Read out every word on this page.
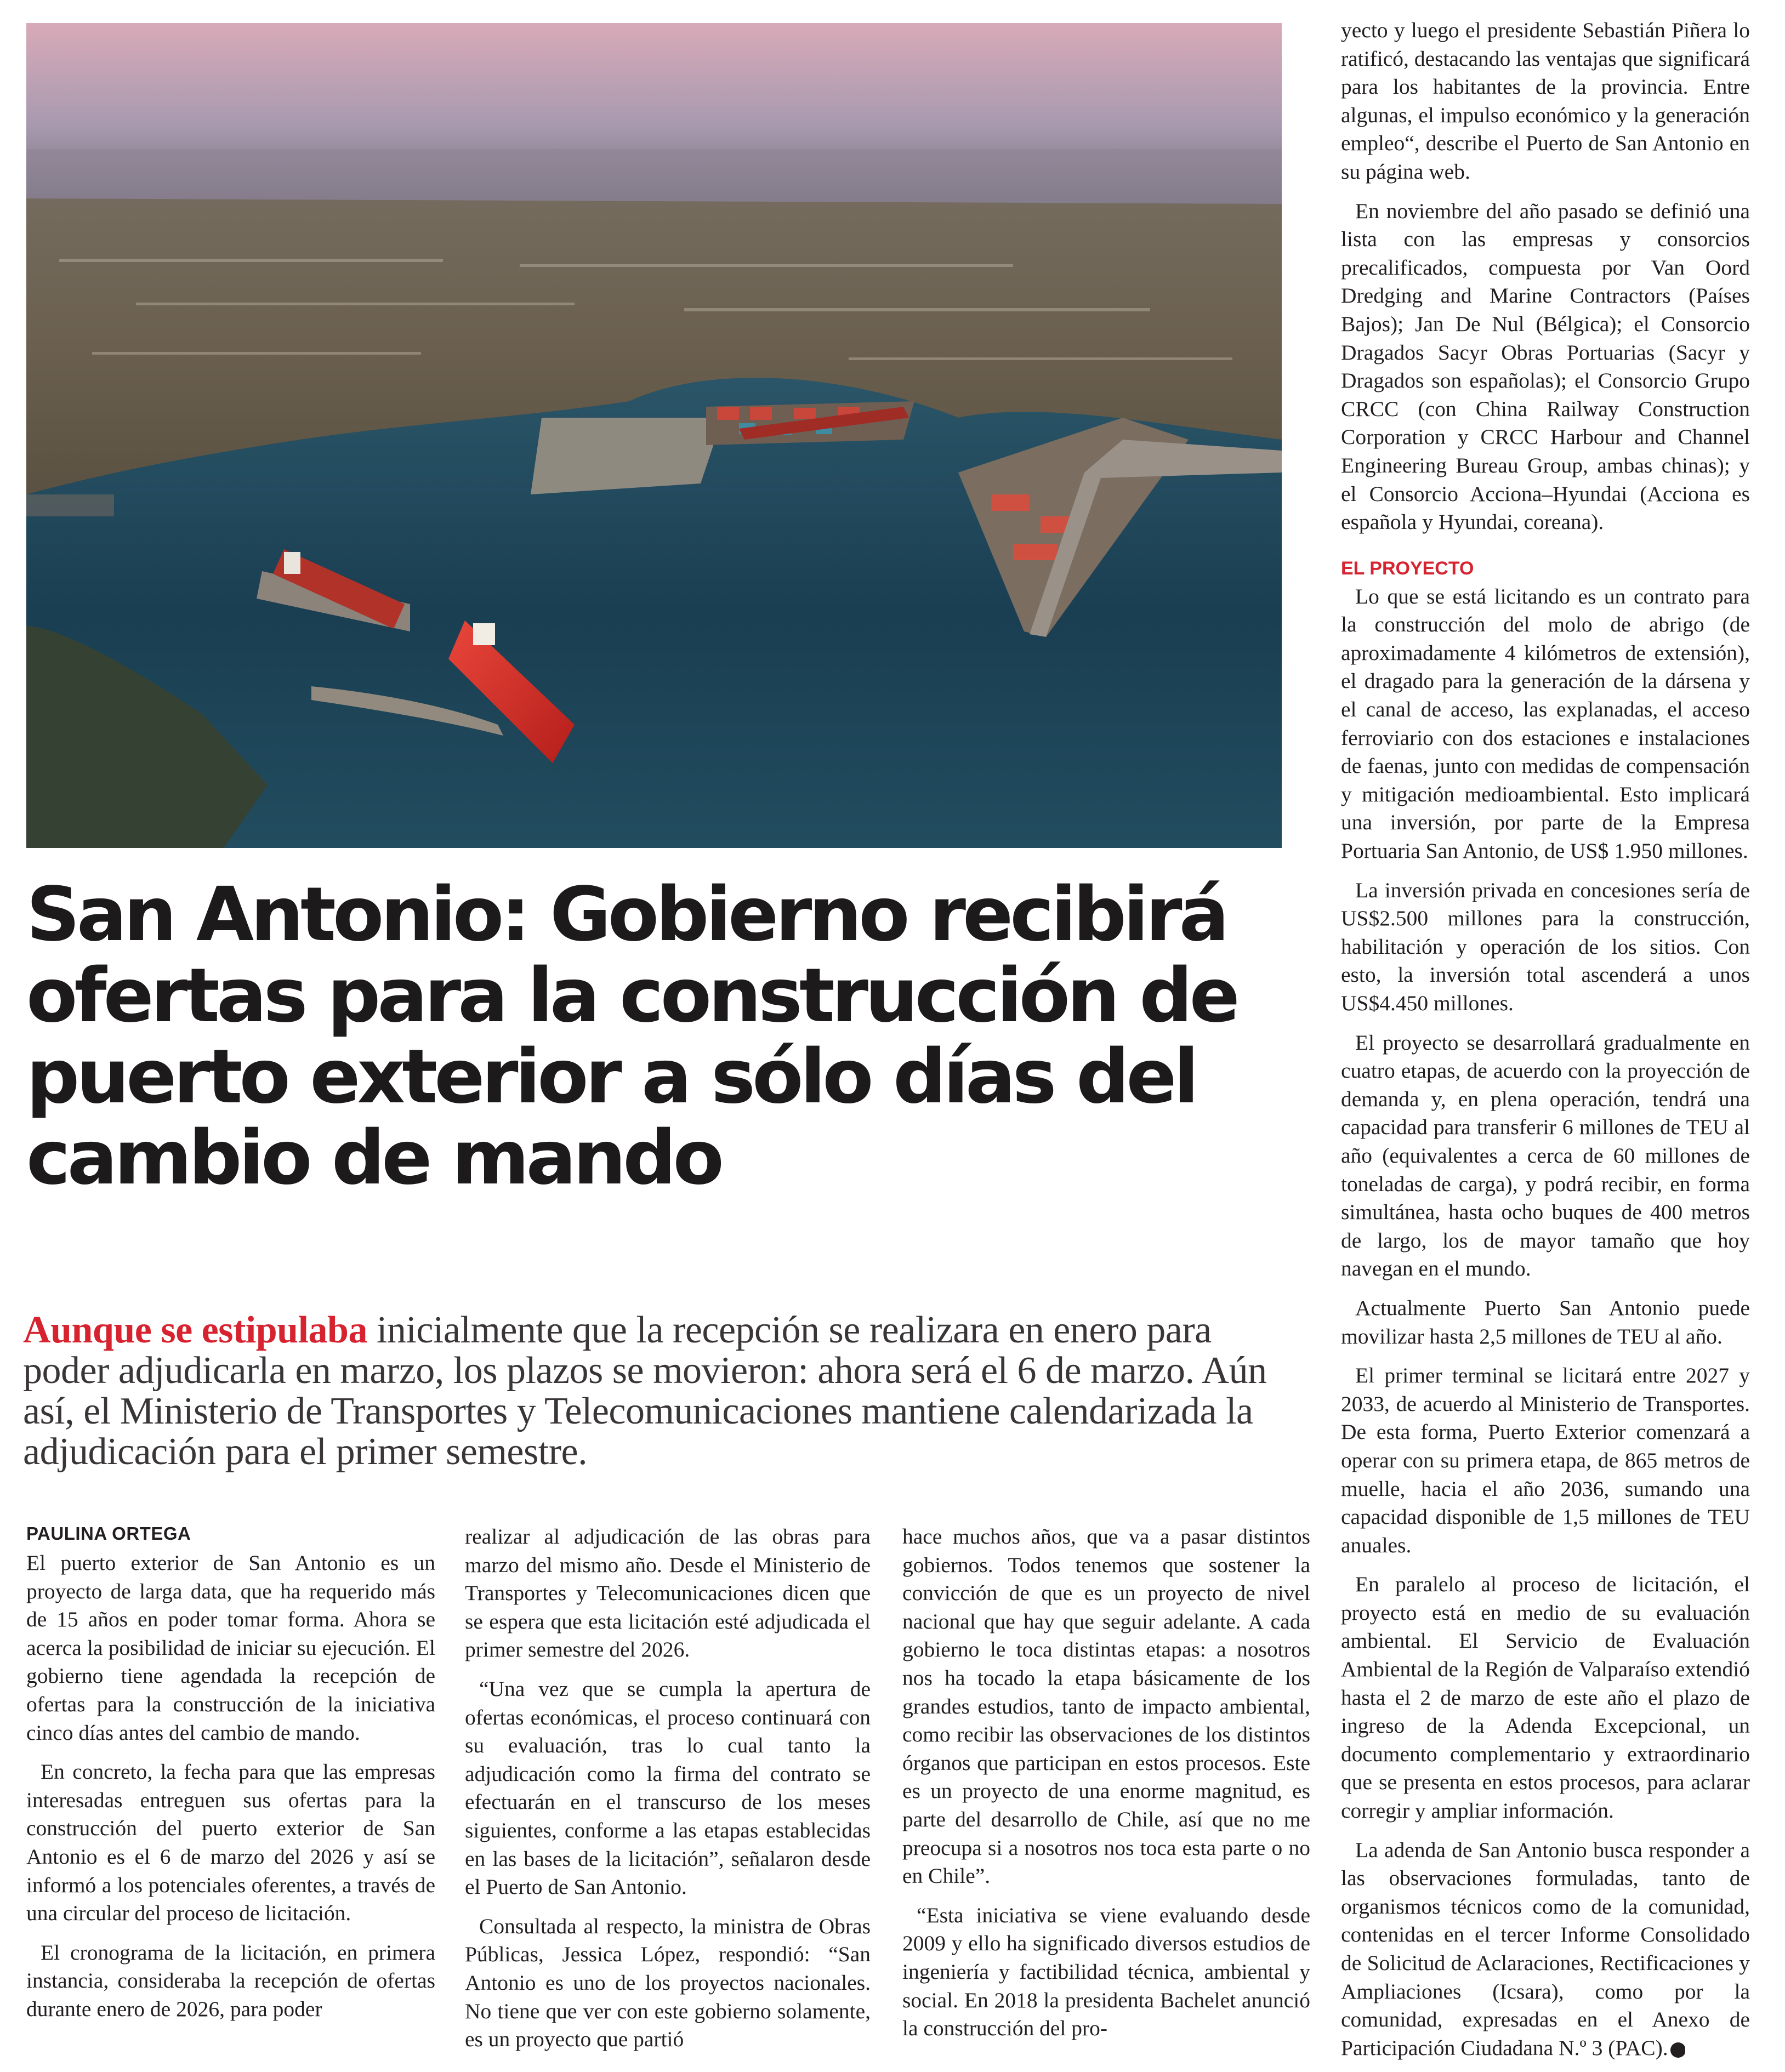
San Antonio: Gobierno recibirá ofertas para la construcción de puerto exterior a sólo días del cambio de mando

Aunque se estipulaba inicialmente que la recepción se realizara en enero para poder adjudicarla en marzo, los plazos se movieron: ahora será el 6 de marzo. Aún así, el Ministerio de Transportes y Telecomunicaciones mantiene calendarizada la adjudicación para el primer semestre.

PAULINA ORTEGA

El puerto exterior de San Antonio es un proyecto de larga data, que ha requerido más de 15 años en poder tomar forma. Ahora se acerca la posibilidad de iniciar su ejecución. El gobierno tiene agendada la recepción de ofertas para la construcción de la iniciativa cinco días antes del cambio de mando.

En concreto, la fecha para que las empresas interesadas entreguen sus ofertas para la construcción del puerto exterior de San Antonio es el 6 de marzo del 2026 y así se informó a los potenciales oferentes, a través de una circular del proceso de licitación.

El cronograma de la licitación, en primera instancia, consideraba la recepción de ofertas durante enero de 2026, para poder

realizar al adjudicación de las obras para marzo del mismo año. Desde el Ministerio de Transportes y Telecomunicaciones dicen que se espera que esta licitación esté adjudicada el primer semestre del 2026.

“Una vez que se cumpla la apertura de ofertas económicas, el proceso continuará con su evaluación, tras lo cual tanto la adjudicación como la firma del contrato se efectuarán en el transcurso de los meses siguientes, conforme a las etapas establecidas en las bases de la licitación”, señalaron desde el Puerto de San Antonio.

Consultada al respecto, la ministra de Obras Públicas, Jessica López, respondió: “San Antonio es uno de los proyectos nacionales. No tiene que ver con este gobierno solamente, es un proyecto que partió

hace muchos años, que va a pasar distintos gobiernos. Todos tenemos que sostener la convicción de que es un proyecto de nivel nacional que hay que seguir adelante. A cada gobierno le toca distintas etapas: a nosotros nos ha tocado la etapa básicamente de los grandes estudios, tanto de impacto ambiental, como recibir las observaciones de los distintos órganos que participan en estos procesos. Este es un proyecto de una enorme magnitud, es parte del desarrollo de Chile, así que no me preocupa si a nosotros nos toca esta parte o no en Chile”.

“Esta iniciativa se viene evaluando desde 2009 y ello ha significado diversos estudios de ingeniería y factibilidad técnica, ambiental y social. En 2018 la presidenta Bachelet anunció la construcción del pro-

yecto y luego el presidente Sebastián Piñera lo ratificó, destacando las ventajas que significará para los habitantes de la provincia. Entre algunas, el impulso económico y la generación empleo“, describe el Puerto de San Antonio en su página web.

En noviembre del año pasado se definió una lista con las empresas y consorcios precalificados, compuesta por Van Oord Dredging and Marine Contractors (Países Bajos); Jan De Nul (Bélgica); el Consorcio Dragados Sacyr Obras Portuarias (Sacyr y Dragados son españolas); el Consorcio Grupo CRCC (con China Railway Construction Corporation y CRCC Harbour and Channel Engineering Bureau Group, ambas chinas); y el Consorcio Acciona–Hyundai (Acciona es española y Hyundai, coreana).

EL PROYECTO

Lo que se está licitando es un contrato para la construcción del molo de abrigo (de aproximadamente 4 kilómetros de extensión), el dragado para la generación de la dársena y el canal de acceso, las explanadas, el acceso ferroviario con dos estaciones e instalaciones de faenas, junto con medidas de compensación y mitigación medioambiental. Esto implicará una inversión, por parte de la Empresa Portuaria San Antonio, de US$ 1.950 millones.

La inversión privada en concesiones sería de US$2.500 millones para la construcción, habilitación y operación de los sitios. Con esto, la inversión total ascenderá a unos US$4.450 millones.

El proyecto se desarrollará gradualmente en cuatro etapas, de acuerdo con la proyección de demanda y, en plena operación, tendrá una capacidad para transferir 6 millones de TEU al año (equivalentes a cerca de 60 millones de toneladas de carga), y podrá recibir, en forma simultánea, hasta ocho buques de 400 metros de largo, los de mayor tamaño que hoy navegan en el mundo.

Actualmente Puerto San Antonio puede movilizar hasta 2,5 millones de TEU al año.

El primer terminal se licitará entre 2027 y 2033, de acuerdo al Ministerio de Transportes. De esta forma, Puerto Exterior comenzará a operar con su primera etapa, de 865 metros de muelle, hacia el año 2036, sumando una capacidad disponible de 1,5 millones de TEU anuales.

En paralelo al proceso de licitación, el proyecto está en medio de su evaluación ambiental. El Servicio de Evaluación Ambiental de la Región de Valparaíso extendió hasta el 2 de marzo de este año el plazo de ingreso de la Adenda Excepcional, un documento complementario y extraordinario que se presenta en estos procesos, para aclarar corregir y ampliar información.

La adenda de San Antonio busca responder a las observaciones formuladas, tanto de organismos técnicos como de la comunidad, contenidas en el tercer Informe Consolidado de Solicitud de Aclaraciones, Rectificaciones y Ampliaciones (Icsara), como por la comunidad, expresadas en el Anexo de Participación Ciudadana N.º 3 (PAC). P
